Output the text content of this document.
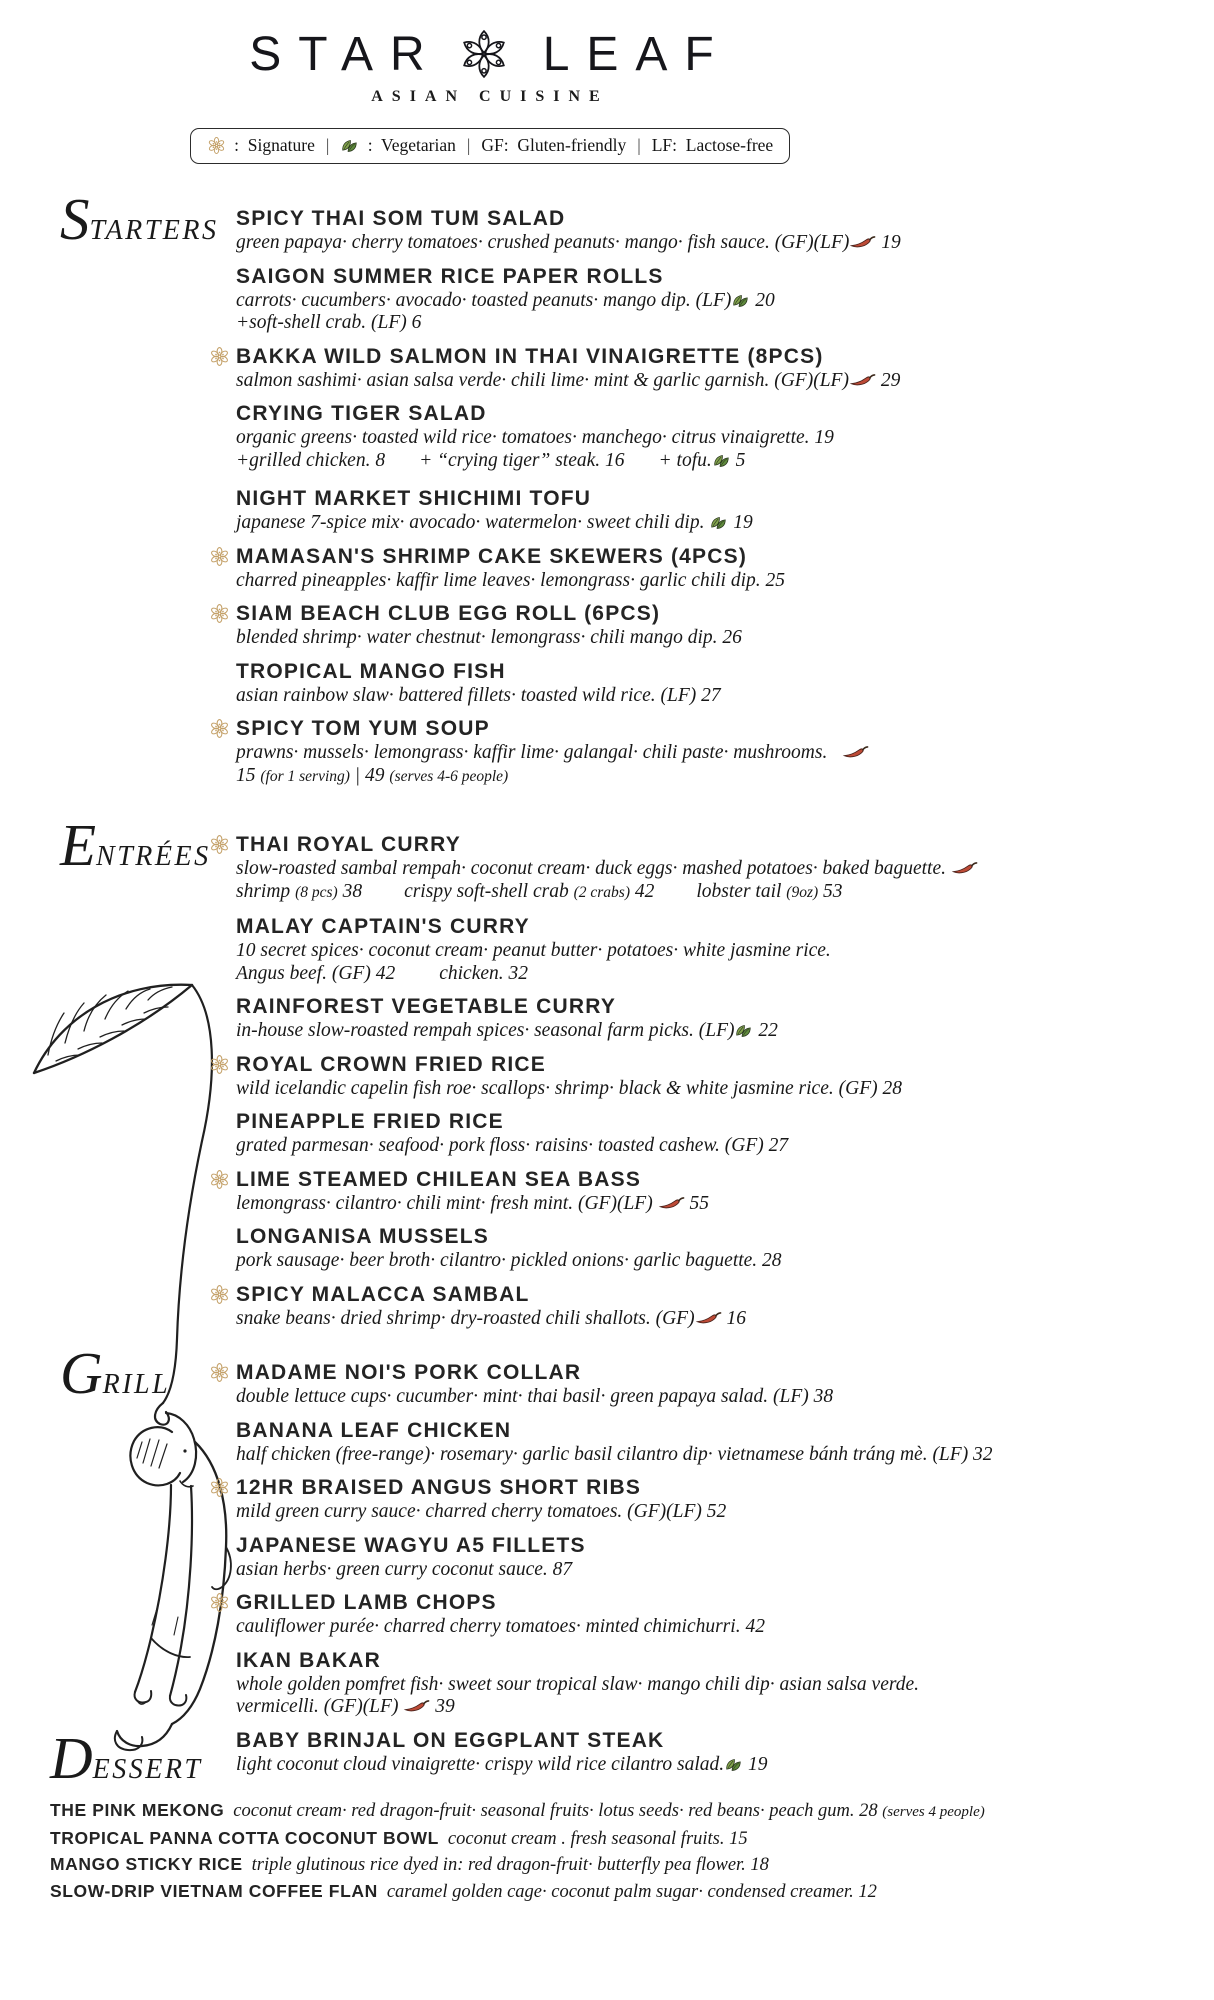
STAR	LEAF
ASIAN CUISINE
:  Signature |	:  Vegetarian | GF:  Gluten-friendly | LF:  Lactose-free
S TARTERS SPICY THAI SOM TUM SALAD
green papaya· cherry tomatoes· crushed peanuts· mango· fish sauce. (GF)(LF)
19
SAIGON SUMMER RICE PAPER ROLLS
carrots· cucumbers· avocado· toasted peanuts· mango dip. (LF)
20
+soft-shell crab. (LF) 6
BAKKA WILD SALMON IN THAI VINAIGRETTE (8PCS)
salmon sashimi· asian salsa verde· chili lime· mint & garlic garnish. (GF)(LF)
29
CRYING TIGER SALAD
organic greens· toasted wild rice· tomatoes· manchego· citrus vinaigrette. 19
+grilled chicken. 8 + “crying tiger” steak. 16 + tofu.
5
NIGHT MARKET SHICHIMI TOFU
japanese 7-spice mix· avocado· watermelon· sweet chili dip.
19
MAMASAN'S SHRIMP CAKE SKEWERS (4PCS)
charred pineapples· kaffir lime leaves· lemongrass· garlic chili dip. 25
SIAM BEACH CLUB EGG ROLL (6PCS)
blended shrimp· water chestnut· lemongrass· chili mango dip. 26
TROPICAL MANGO FISH
asian rainbow slaw· battered fillets· toasted wild rice. (LF) 27
SPICY TOM YUM SOUP
prawns· mussels· lemongrass· kaffir lime· galangal· chili paste· mushrooms.
15 (for 1 serving) | 49 (serves 4-6 people)
E NTRÉES THAI ROYAL CURRY
slow-roasted sambal rempah· coconut cream· duck eggs· mashed potatoes· baked baguette.
shrimp (8 pcs) 38 crispy soft-shell crab (2 crabs) 42 lobster tail (9oz) 53
MALAY CAPTAIN'S CURRY
10 secret spices· coconut cream· peanut butter· potatoes· white jasmine rice.
Angus beef. (GF) 42 chicken. 32
RAINFOREST VEGETABLE CURRY
in-house slow-roasted rempah spices· seasonal farm picks. (LF)
22
ROYAL CROWN FRIED RICE
wild icelandic capelin fish roe· scallops· shrimp· black & white jasmine rice. (GF) 28
PINEAPPLE FRIED RICE
grated parmesan· seafood· pork floss· raisins· toasted cashew. (GF) 27
LIME STEAMED CHILEAN SEA BASS
lemongrass· cilantro· chili mint· fresh mint. (GF)(LF)
55
LONGANISA MUSSELS
pork sausage· beer broth· cilantro· pickled onions· garlic baguette. 28
SPICY MALACCA SAMBAL
snake beans· dried shrimp· dry-roasted chili shallots. (GF)
16
G RILL	MADAME NOI'S PORK COLLAR
double lettuce cups· cucumber· mint· thai basil· green papaya salad. (LF) 38
BANANA LEAF CHICKEN
half chicken (free-range)· rosemary· garlic basil cilantro dip· vietnamese bánh tráng mè. (LF) 32
12HR BRAISED ANGUS SHORT RIBS
mild green curry sauce· charred cherry tomatoes. (GF)(LF) 52
JAPANESE WAGYU A5 FILLETS
asian herbs· green curry coconut sauce. 87
GRILLED LAMB CHOPS
cauliflower purée· charred cherry tomatoes· minted chimichurri. 42
IKAN BAKAR
whole golden pomfret fish· sweet sour tropical slaw· mango chili dip· asian salsa verde.
vermicelli. (GF)(LF)
39
BABY BRINJAL ON EGGPLANT STEAK
light coconut cloud vinaigrette· crispy wild rice cilantro salad.
19
D ESSERT
THE PINK MEKONG coconut cream· red dragon-fruit· seasonal fruits· lotus seeds· red beans· peach gum. 28 (serves 4 people)
TROPICAL PANNA COTTA COCONUT BOWL coconut cream . fresh seasonal fruits. 15
MANGO STICKY RICE triple glutinous rice dyed in: red dragon-fruit· butterfly pea flower. 18
SLOW-DRIP VIETNAM COFFEE FLAN caramel golden cage· coconut palm sugar· condensed creamer. 12
